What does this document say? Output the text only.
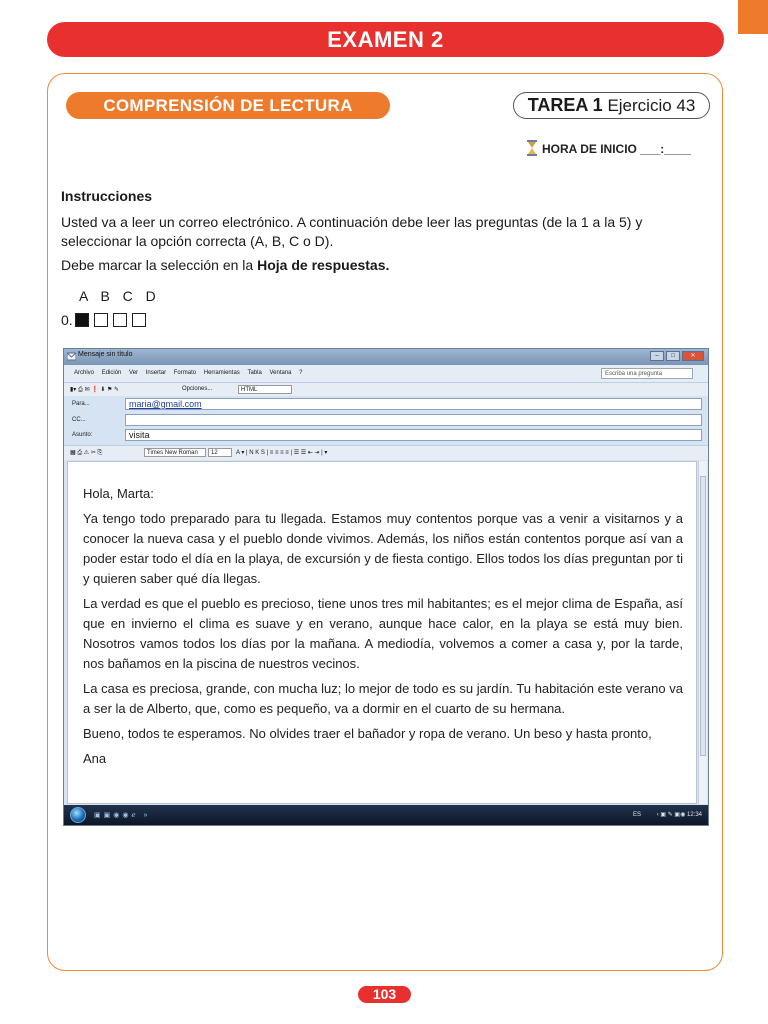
EXAMEN 2
COMPRENSIÓN DE LECTURA	TAREA 1 Ejercicio 43
HORA DE INICIO ___:____
Instrucciones
Usted va a leer un correo electrónico. A continuación debe leer las preguntas (de la 1 a la 5) y seleccionar la opción correcta (A, B, C o D).
Debe marcar la selección en la Hoja de respuestas.
A B C D
0.
Mensaje sin título	–	□	✕
Archivo Edición Ver Insertar Formato Herramientas Tabla Ventana ?	Escriba una pregunta
▮▾ ⎙ ✉ ❗ ⬇ ⚑ ✎	Opciones...	HTML
Para...	maria@gmail.com
CC...
Asunto:	visita
▦ ⎙ ⚠ ✂ ⎘	Times New Roman	12	A ▾ | N K S | ≡ ≡ ≡ ≡ | ☰ ☰ ⇤ ⇥ | ▾

Hola, Marta:

Ya tengo todo preparado para tu llegada. Estamos muy contentos porque vas a venir a visitarnos y a conocer la nueva casa y el pueblo donde vivimos. Además, los niños están contentos porque así van a poder estar todo el día en la playa, de excursión y de fiesta contigo. Ellos todos los días preguntan por ti y quieren saber qué día llegas.

La verdad es que el pueblo es precioso, tiene unos tres mil habitantes; es el mejor clima de España, así que en invierno el clima es suave y en verano, aunque hace calor, en la playa se está muy bien. Nosotros vamos todos los días por la mañana. A mediodía, volvemos a comer a casa y, por la tarde, nos bañamos en la piscina de nuestros vecinos.

La casa es preciosa, grande, con mucha luz; lo mejor de todo es su jardín. Tu habitación este verano va a ser la de Alberto, que, como es pequeño, va a dormir en el cuarto de su hermana.

Bueno, todos te esperamos. No olvides traer el bañador y ropa de verano. Un beso y hasta pronto,

Ana

▣▣◉◉ℯ »	ES	‹ ▣ ✎ ▣◉ 12:34
103
